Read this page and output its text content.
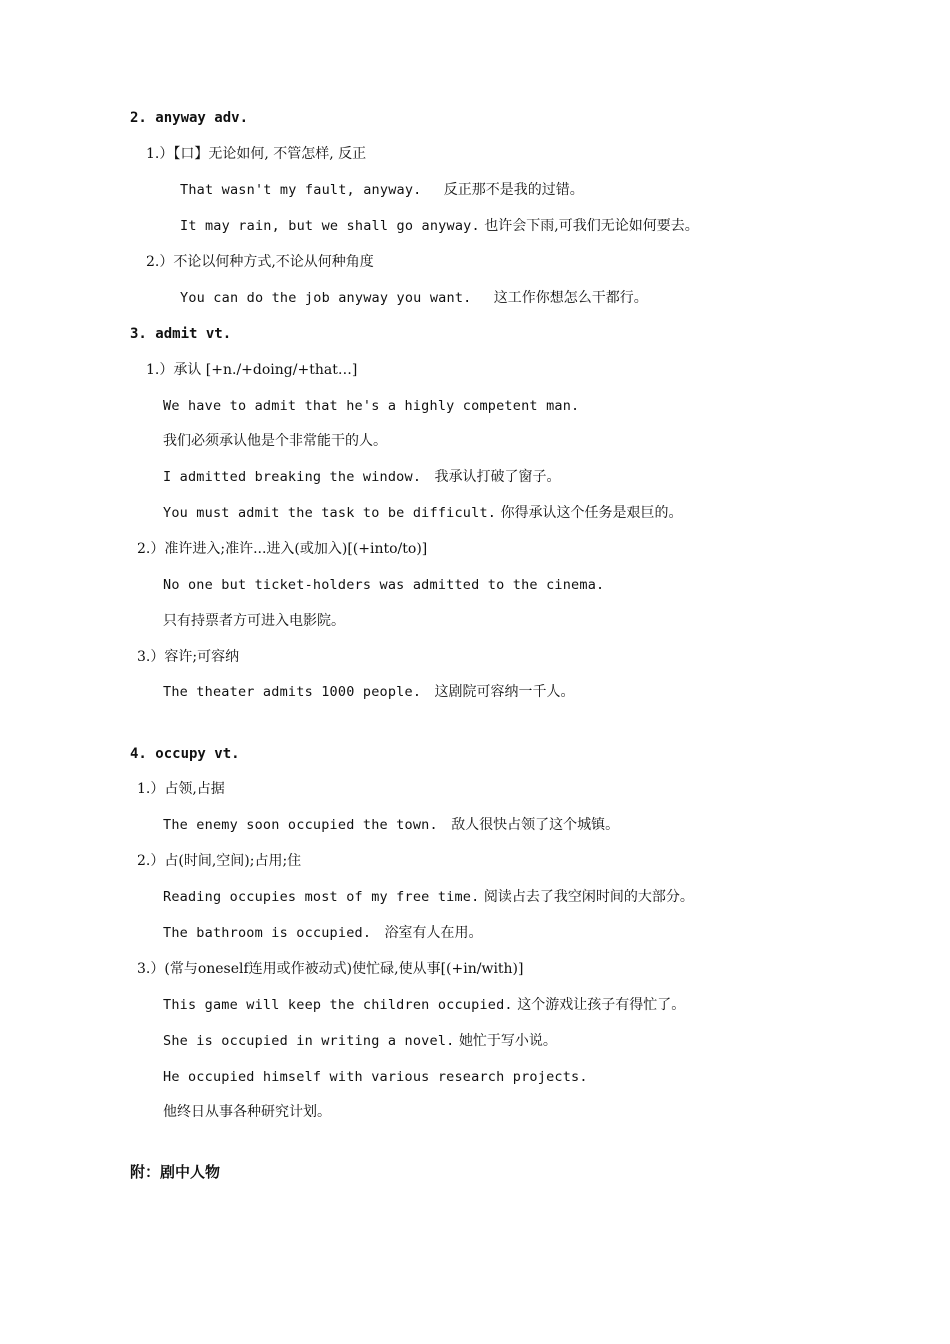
2. anyway adv.
1.）【口】无论如何, 不管怎样, 反正
That wasn't my fault, anyway. 反正那不是我的过错。
It may rain, but we shall go anyway. 也许会下雨,可我们无论如何要去。
2.）不论以何种方式,不论从何种角度
You can do the job anyway you want. 这工作你想怎么干都行。
3. admit vt.
1.）承认 [+n./+doing/+that…]
We have to admit that he's a highly competent man.
我们必须承认他是个非常能干的人。
I admitted breaking the window. 我承认打破了窗子。
You must admit the task to be difficult. 你得承认这个任务是艰巨的。
2.）准许进入;准许...进入(或加入)[(+into/to)]
No one but ticket-holders was admitted to the cinema.
只有持票者方可进入电影院。
3.）容许;可容纳
The theater admits 1000 people. 这剧院可容纳一千人。
4. occupy vt.
1.）占领,占据
The enemy soon occupied the town. 敌人很快占领了这个城镇。
2.）占(时间,空间);占用;住
Reading occupies most of my free time. 阅读占去了我空闲时间的大部分。
The bathroom is occupied. 浴室有人在用。
3.）(常与oneself连用或作被动式)使忙碌,使从事[(+in/with)]
This game will keep the children occupied. 这个游戏让孩子有得忙了。
She is occupied in writing a novel. 她忙于写小说。
He occupied himself with various research projects.
他终日从事各种研究计划。
附：剧中人物
